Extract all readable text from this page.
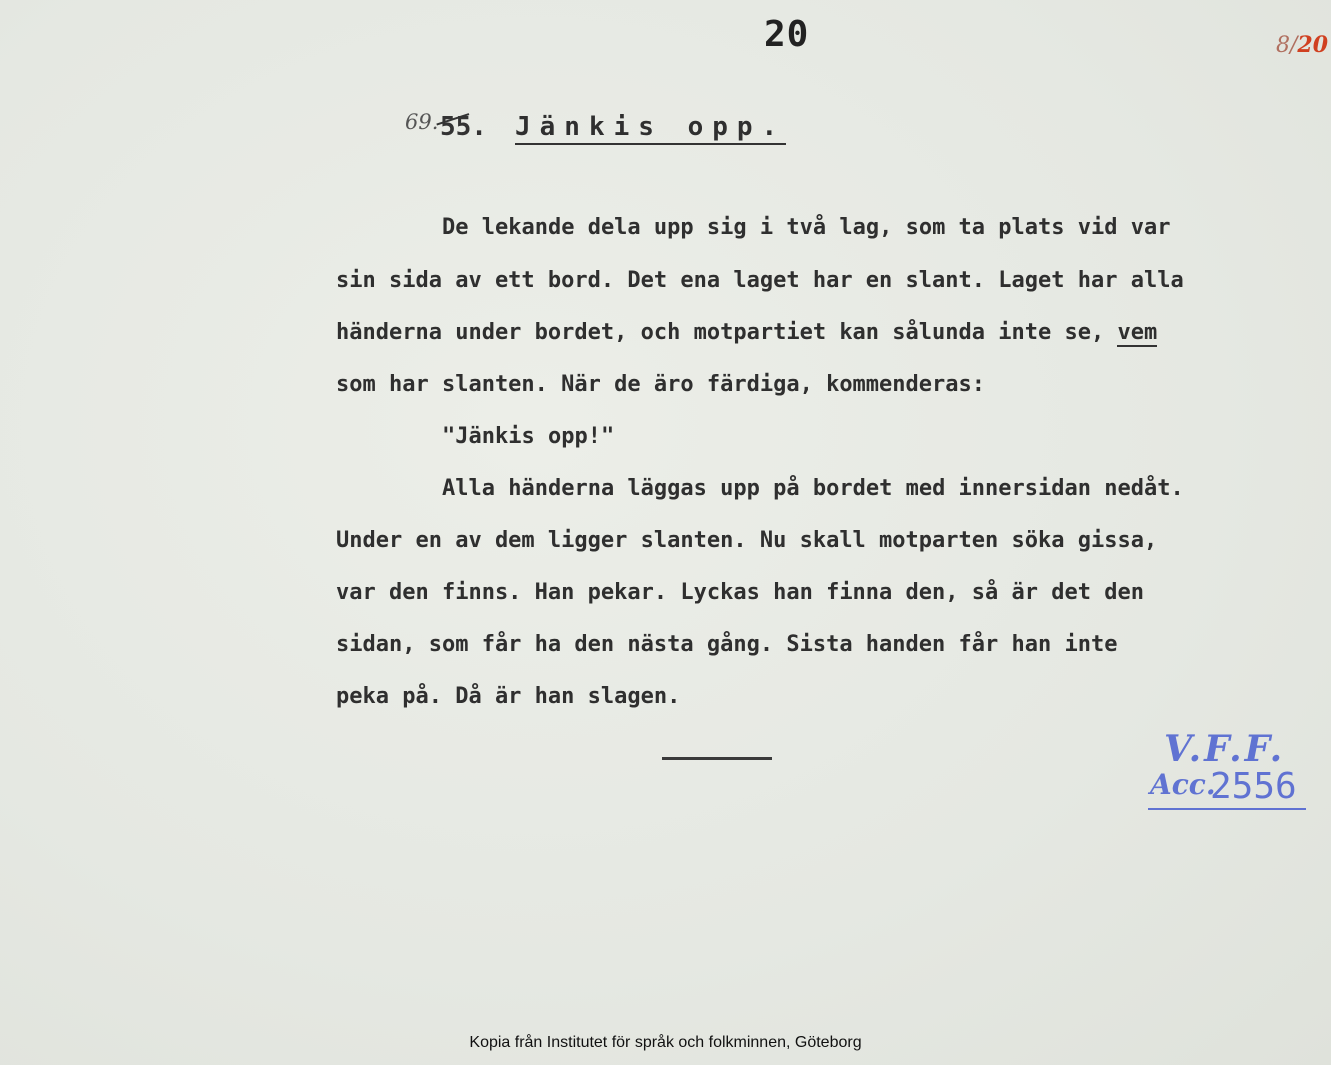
20	8/20
69. 55. Jänkis opp.
De lekande dela upp sig i två lag, som ta plats vid var
sin sida av ett bord. Det ena laget har en slant. Laget har alla
händerna under bordet, och motpartiet kan sålunda inte se, vem
som har slanten. När de äro färdiga, kommenderas:
"Jänkis opp!"
Alla händerna läggas upp på bordet med innersidan nedåt.
Under en av dem ligger slanten. Nu skall motparten söka gissa,
var den finns. Han pekar. Lyckas han finna den, så är det den
sidan, som får ha den nästa gång. Sista handen får han inte
peka på. Då är han slagen.
V.F.F.
Acc.
2556
Kopia från Institutet för språk och folkminnen, Göteborg
